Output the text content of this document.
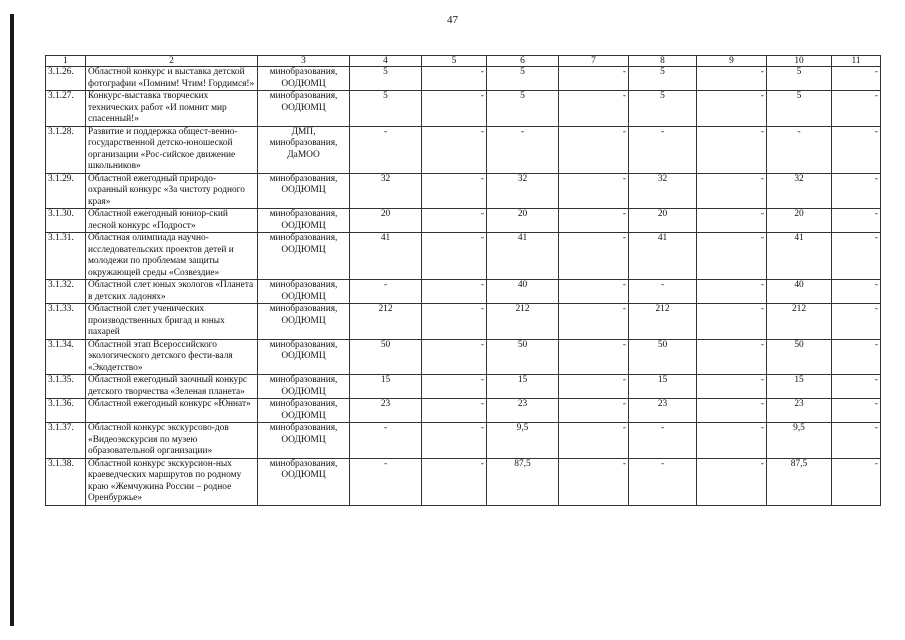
47
1	2	3	4	5	6	7	8	9	10	11
3.1.26.	Областной конкурс и выставка детской фотографии «Помним! Чтим! Гордимся!»	минобразования, ООДЮМЦ	5	-	5	-	5	-	5	-
3.1.27.	Конкурс-выставка творческих технических работ «И помнит мир спасенный!»	минобразования, ООДЮМЦ	5	-	5	-	5	-	5	-
3.1.28.	Развитие и поддержка общест-венно-государственной детско-юношеской организации «Рос-сийское движение школьников»	ДМП, минобразования, ДаМОО	-	-	-	-	-	-	-	-
3.1.29.	Областной ежегодный природо-охранный конкурс «За чистоту родного края»	минобразования, ООДЮМЦ	32	-	32	-	32	-	32	-
3.1.30.	Областной ежегодный юниор-ский лесной конкурс «Подрост»	минобразования, ООДЮМЦ	20	-	20	-	20	-	20	-
3.1.31.	Областная олимпиада научно-исследовательских проектов детей и молодежи по проблемам защиты окружающей среды «Созвездие»	минобразования, ООДЮМЦ	41	-	41	-	41	-	41	-
3.1.32.	Областной слет юных экологов «Планета в детских ладонях»	минобразования, ООДЮМЦ	-	-	40	-	-	-	40	-
3.1.33.	Областной слет ученических производственных бригад и юных пахарей	минобразования, ООДЮМЦ	212	-	212	-	212	-	212	-
3.1.34.	Областной этап Всероссийского экологического детского фести-валя «Экодетство»	минобразования, ООДЮМЦ	50	-	50	-	50	-	50	-
3.1.35.	Областной ежегодный заочный конкурс детского творчества «Зеленая планета»	минобразования, ООДЮМЦ	15	-	15	-	15	-	15	-
3.1.36.	Областной ежегодный конкурс «Юннат»	минобразования, ООДЮМЦ	23	-	23	-	23	-	23	-
3.1.37.	Областной конкурс экскурсово-дов «Видеоэкскурсия по музею образовательной организации»	минобразования, ООДЮМЦ	-	-	9,5	-	-	-	9,5	-
3.1.38.	Областной конкурс экскурсион-ных краеведческих маршрутов по родному краю «Жемчужина России – родное Оренбуржье»	минобразования, ООДЮМЦ	-	-	87,5	-	-	-	87,5	-
